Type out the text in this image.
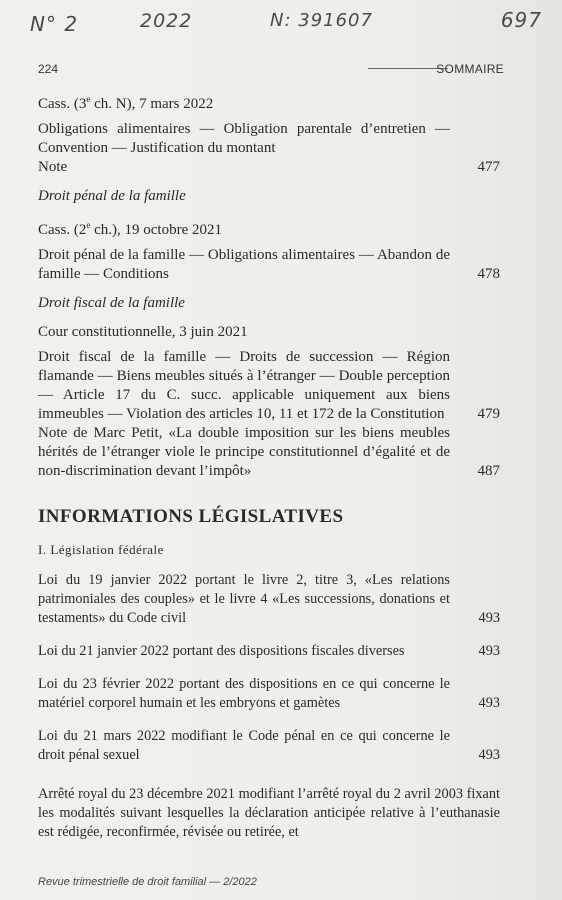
N° 2	2022	N: 391607	697
224	SOMMAIRE

Cass. (3e ch. N), 7 mars 2022

Obligations alimentaires — Obligation parentale d’entretien — Convention — Justification du montant
Note	477

Droit pénal de la famille

Cass. (2e ch.), 19 octobre 2021

Droit pénal de la famille — Obligations alimentaires — Abandon de famille — Conditions	478

Droit fiscal de la famille

Cour constitutionnelle, 3 juin 2021

Droit fiscal de la famille — Droits de succession — Région flamande — Biens meubles situés à l’étranger — Double perception — Article 17 du C. succ. applicable uniquement aux biens immeubles — Violation des articles 10, 11 et 172 de la Constitution	479
Note de Marc Petit, «La double imposition sur les biens meubles hérités de l’étranger viole le principe constitutionnel d’égalité et de non-discrimination devant l’impôt»	487

INFORMATIONS LÉGISLATIVES

I. Législation fédérale

Loi du 19 janvier 2022 portant le livre 2, titre 3, «Les relations patrimoniales des couples» et le livre 4 «Les successions, donations et testaments» du Code civil	493
Loi du 21 janvier 2022 portant des dispositions fiscales diverses	493
Loi du 23 février 2022 portant des dispositions en ce qui concerne le matériel corporel humain et les embryons et gamètes	493
Loi du 21 mars 2022 modifiant le Code pénal en ce qui concerne le droit pénal sexuel	493

Arrêté royal du 23 décembre 2021 modifiant l’arrêté royal du 2 avril 2003 fixant les modalités suivant lesquelles la déclaration anticipée relative à l’euthanasie est rédigée, reconfirmée, révisée ou retirée, et

Revue trimestrielle de droit familial — 2/2022
